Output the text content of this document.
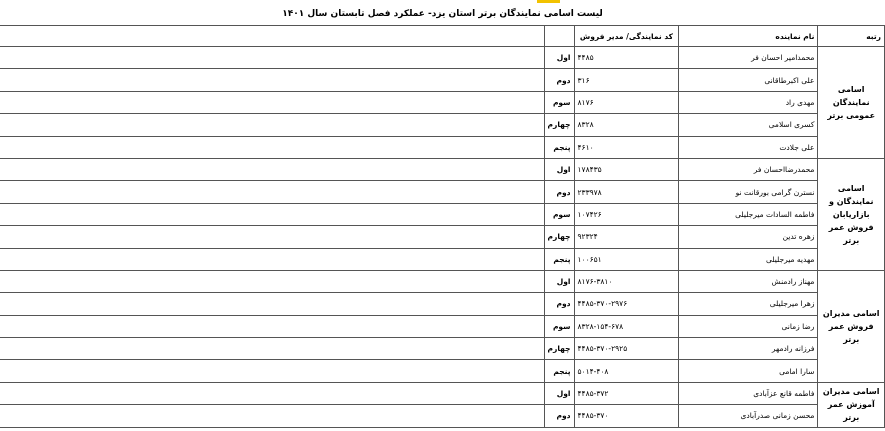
لیست اسامی نمایندگان برتر استان یزد- عملکرد فصل تابستان سال ۱۴۰۱
رتبه	نام نماینده	کد نمایندگی/ مدیر فروش		
اسامی نمایندگان عمومی برتر	محمدامیر احسان فر	۴۴۸۵	اول	
	علی اکبرطاقانی	۳۱۶	دوم	
	مهدی راد	۸۱۷۶	سوم	
	کسری اسلامی	۸۳۲۸	چهارم	
	علی جلادت	۴۶۱۰	پنجم	
اسامی نمایندگان و بازاریابان فروش عمر برتر	محمدرضااحسان فر	۱۷۸۴۳۵	اول	
	نسترن گرامی بورقانت نو	۲۳۳۹۷۸	دوم	
	فاطمه السادات میرجلیلی	۱۰۷۴۲۶	سوم	
	زهره تدین	۹۲۳۲۴	چهارم	
	مهدیه میرجلیلی	۱۰۰۶۵۱	پنجم	
اسامی مدیران فروش عمر برتر	مهناز رادمنش	۸۱۷۶-۳۸۱۰	اول	
	زهرا میرجلیلی	۴۴۸۵-۳۷۰-۲۹۷۶	دوم	
	رضا زمانی	۸۳۲۸-۱۵۴-۶۷۸	سوم	
	فرزانه رادمهر	۴۴۸۵-۳۷۰-۲۹۲۵	چهارم	
	سارا امامی	۵۰۱۴-۴۰۸	پنجم	
اسامی مدیران آموزش عمر برتر	فاطمه قانع عزآبادی	۴۴۸۵-۳۷۲	اول	
	محسن زمانی صدرآبادی	۴۴۸۵-۳۷۰	دوم	
